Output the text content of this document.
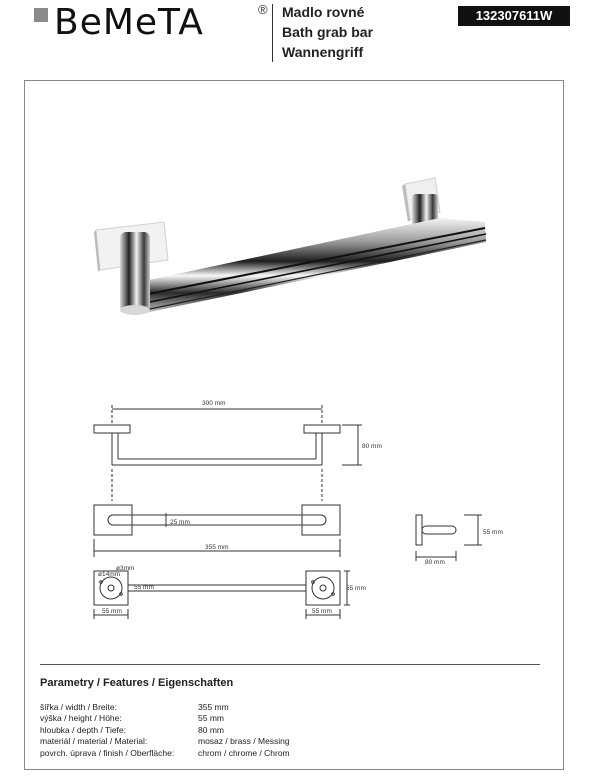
BeMeTA	® Madlo rovné
Bath grab bar
Wannengriff
132307611W
300 mm
80 mm
25 mm
355 mm
ø3mm
ø14mm
55 mm
55 mm	55 mm
55 mm
80 mm
55 mm
Parametry / Features / Eigenschaften
šířka / width / Breite:	355 mm
výška / height / Höhe:	55 mm
hloubka / depth / Tiefe:	80 mm
materiál / material / Material:	mosaz / brass / Messing
povrch. úprava / finish / Oberfläche:	chrom / chrome / Chrom
